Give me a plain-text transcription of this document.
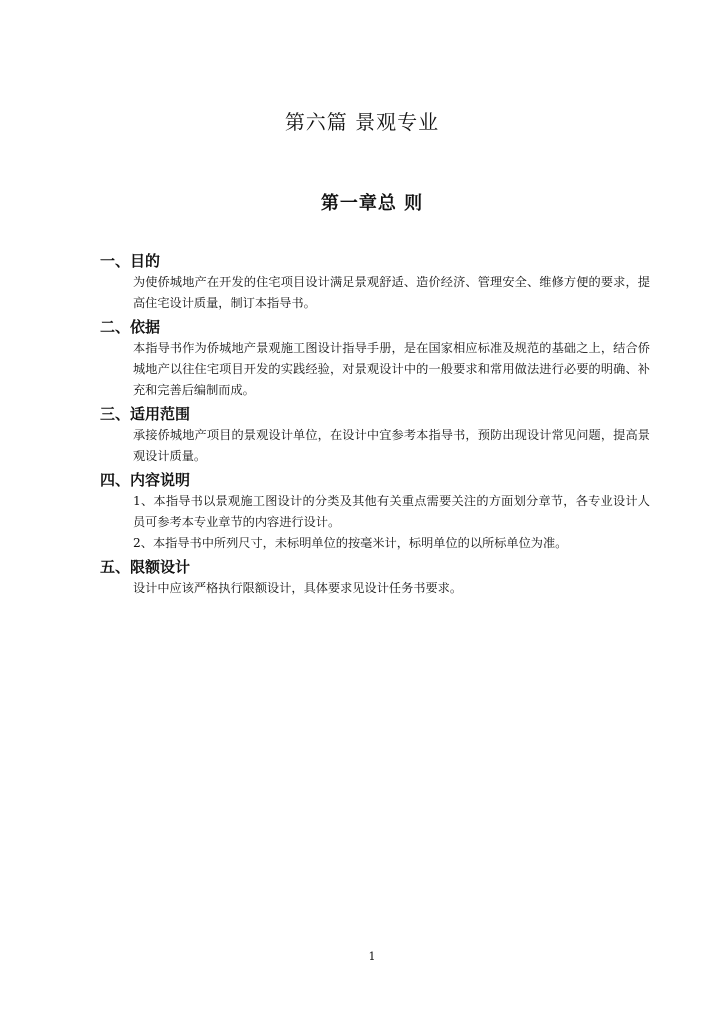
第六篇 景观专业
第一章总 则
一、目的

为使侨城地产在开发的住宅项目设计满足景观舒适、造价经济、管理安全、维修方便的要求，提高住宅设计质量，制订本指导书。

二、依据

本指导书作为侨城地产景观施工图设计指导手册，是在国家相应标准及规范的基础之上，结合侨城地产以往住宅项目开发的实践经验，对景观设计中的一般要求和常用做法进行必要的明确、补充和完善后编制而成。

三、适用范围

承接侨城地产项目的景观设计单位，在设计中宜参考本指导书，预防出现设计常见问题，提高景观设计质量。

四、内容说明

1、本指导书以景观施工图设计的分类及其他有关重点需要关注的方面划分章节，各专业设计人员可参考本专业章节的内容进行设计。

2、本指导书中所列尺寸，未标明单位的按毫米计，标明单位的以所标单位为准。

五、限额设计

设计中应该严格执行限额设计，具体要求见设计任务书要求。

1
